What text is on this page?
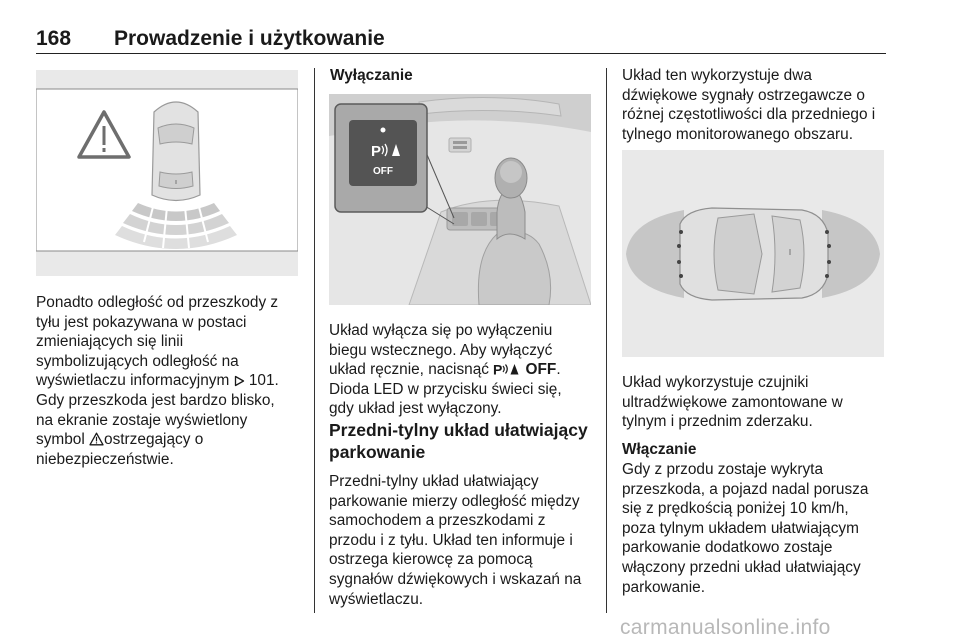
168 Prowadzenie i użytkowanie

Ponadto odległość od przeszkody z

tyłu jest pokazywana w postaci

zmieniających się linii

symbolizujących odległość na

wyświetlaczu informacyjnym 101.

Gdy przeszkoda jest bardzo blisko,

na ekranie zostaje wyświetlony

symbol ostrzegający o

niebezpieczeństwie.

Wyłączanie
P
OFF

Układ wyłącza się po wyłączeniu

biegu wstecznego. Aby wyłączyć

układ ręcznie, nacisnąć P OFF.

Dioda LED w przycisku świeci się,

gdy układ jest wyłączony.

Przedni-tylny układ ułatwiający
parkowanie

Przedni-tylny układ ułatwiający

parkowanie mierzy odległość między

samochodem a przeszkodami z

przodu i z tyłu. Układ ten informuje i

ostrzega kierowcę za pomocą

sygnałów dźwiękowych i wskazań na

wyświetlaczu.

Układ ten wykorzystuje dwa

dźwiękowe sygnały ostrzegawcze o

różnej częstotliwości dla przedniego i

tylnego monitorowanego obszaru.

Układ wykorzystuje czujniki

ultradźwiękowe zamontowane w

tylnym i przednim zderzaku.

Włączanie

Gdy z przodu zostaje wykryta

przeszkoda, a pojazd nadal porusza

się z prędkością poniżej 10 km/h,

poza tylnym układem ułatwiającym

parkowanie dodatkowo zostaje

włączony przedni układ ułatwiający

parkowanie.

carmanualsonline.info
